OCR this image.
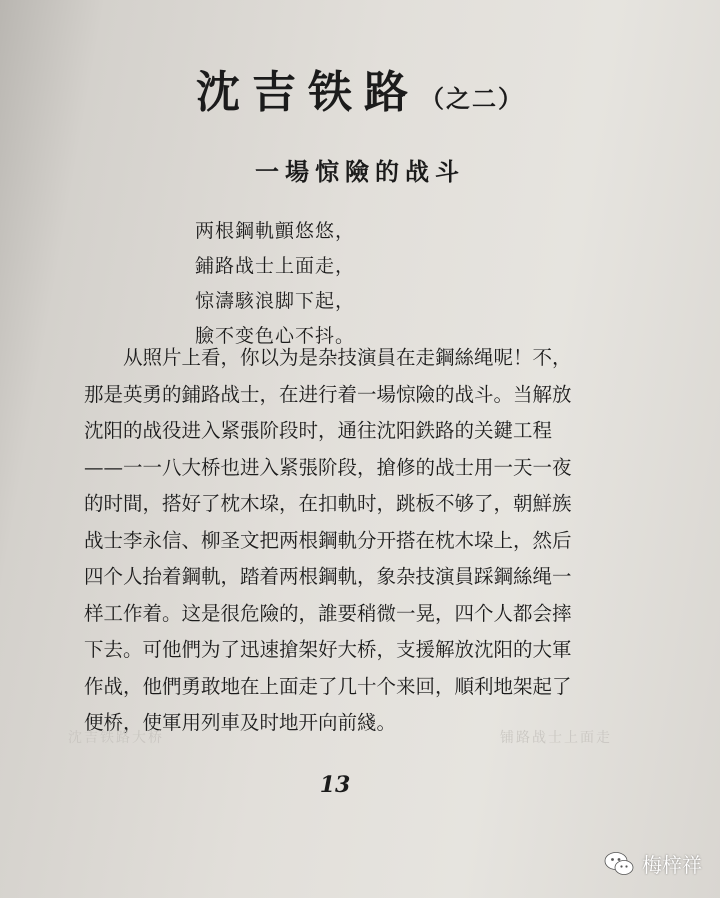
沈吉铁路（之二）
一場惊險的战斗
两根鋼軌顫悠悠，
鋪路战士上面走，
惊濤駭浪脚下起，
臉不变色心不抖。
从照片上看，你以为是杂技演員在走鋼絲绳呢！不，
那是英勇的鋪路战士，在进行着一場惊險的战斗。当解放
沈阳的战役进入紧張阶段时，通往沈阳鉄路的关鍵工程
——一一八大桥也进入紧張阶段，搶修的战士用一天一夜
的时間，搭好了枕木垜，在扣軌时，跳板不够了，朝鮮族
战士李永信、柳圣文把两根鋼軌分开搭在枕木垜上，然后
四个人抬着鋼軌，踏着两根鋼軌，象杂技演員踩鋼絲绳一
样工作着。这是很危險的，誰要稍微一晃，四个人都会摔
下去。可他們为了迅速搶架好大桥，支援解放沈阳的大軍
作战，他們勇敢地在上面走了几十个来回，順利地架起了
便桥，使軍用列車及时地开向前綫。
沈吉铁路大桥	铺路战士上面走
13
梅梓祥
